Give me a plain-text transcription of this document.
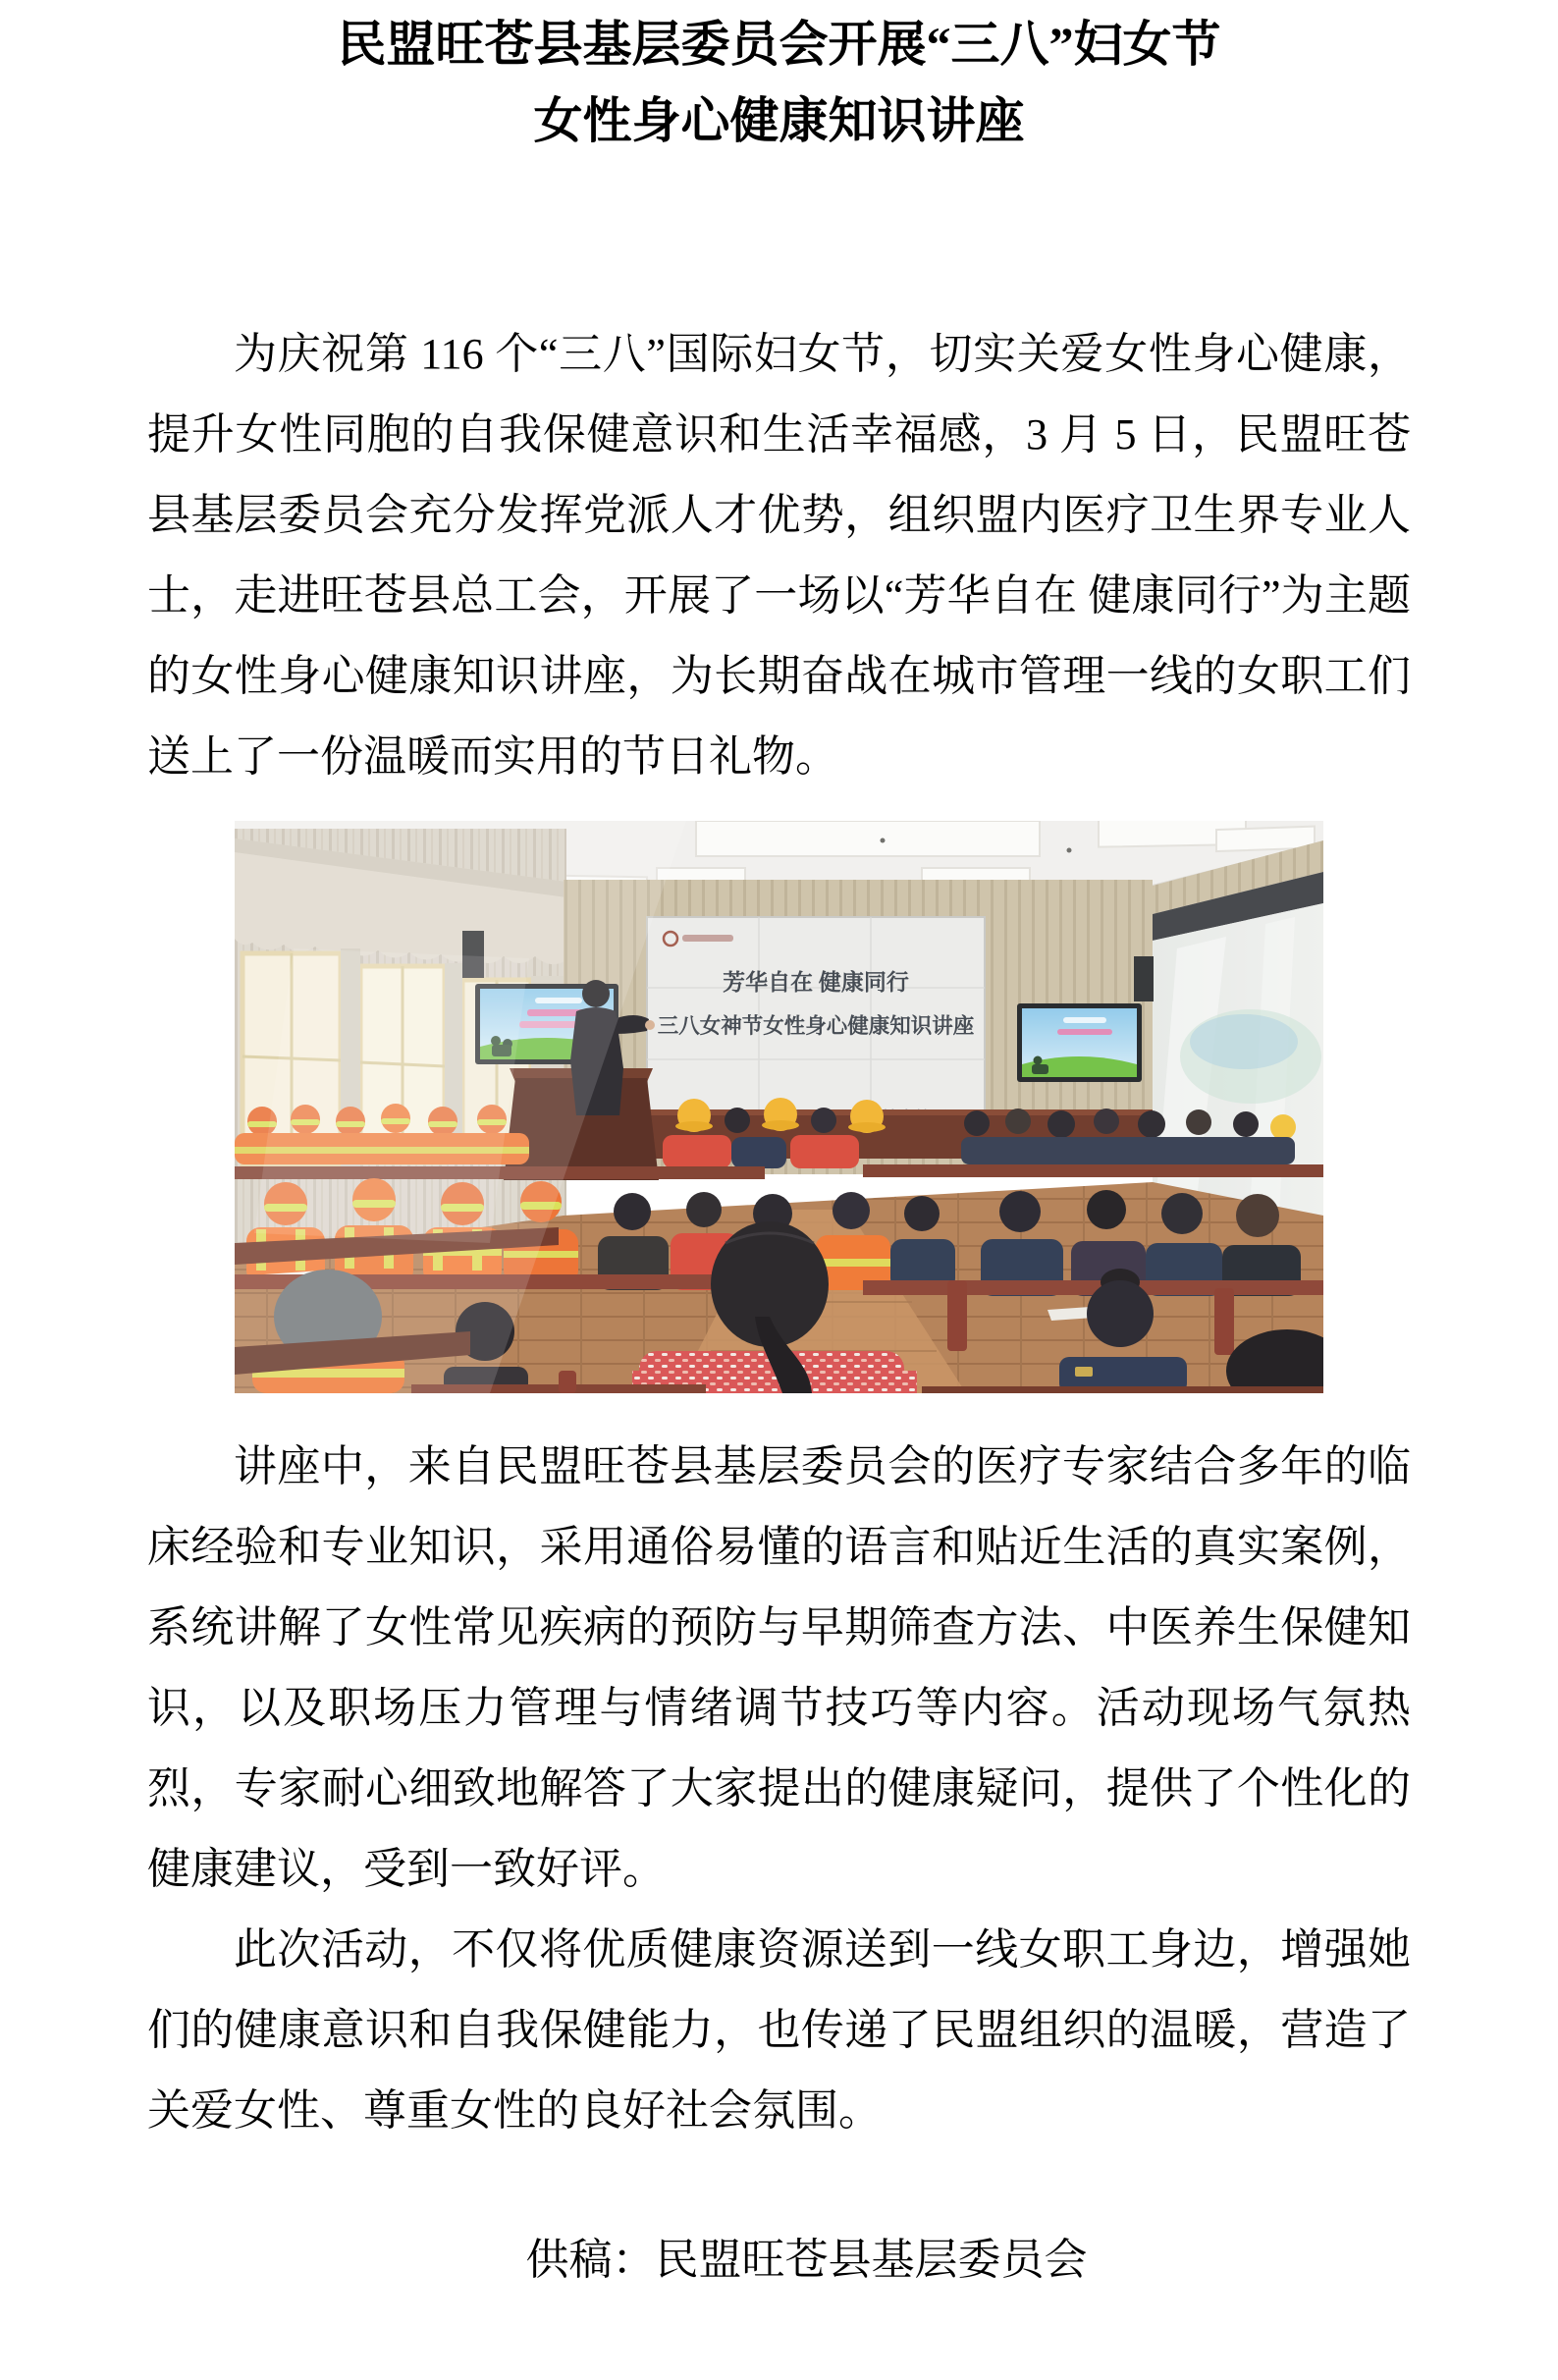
民盟旺苍县基层委员会开展“三八”妇女节
女性身心健康知识讲座

为庆祝第 116 个“三八”国际妇女节，切实关爱女性身心健康，提升女性同胞的自我保健意识和生活幸福感，3 月 5 日，民盟旺苍县基层委员会充分发挥党派人才优势，组织盟内医疗卫生界专业人士，走进旺苍县总工会，开展了一场以“芳华自在 健康同行”为主题的女性身心健康知识讲座，为长期奋战在城市管理一线的女职工们送上了一份温暖而实用的节日礼物。

芳华自在 健康同行
三八女神节女性身心健康知识讲座

讲座中，来自民盟旺苍县基层委员会的医疗专家结合多年的临床经验和专业知识，采用通俗易懂的语言和贴近生活的真实案例，系统讲解了女性常见疾病的预防与早期筛查方法、中医养生保健知识，以及职场压力管理与情绪调节技巧等内容。活动现场气氛热烈，专家耐心细致地解答了大家提出的健康疑问，提供了个性化的健康建议，受到一致好评。

此次活动，不仅将优质健康资源送到一线女职工身边，增强她们的健康意识和自我保健能力，也传递了民盟组织的温暖，营造了关爱女性、尊重女性的良好社会氛围。

供稿：民盟旺苍县基层委员会
